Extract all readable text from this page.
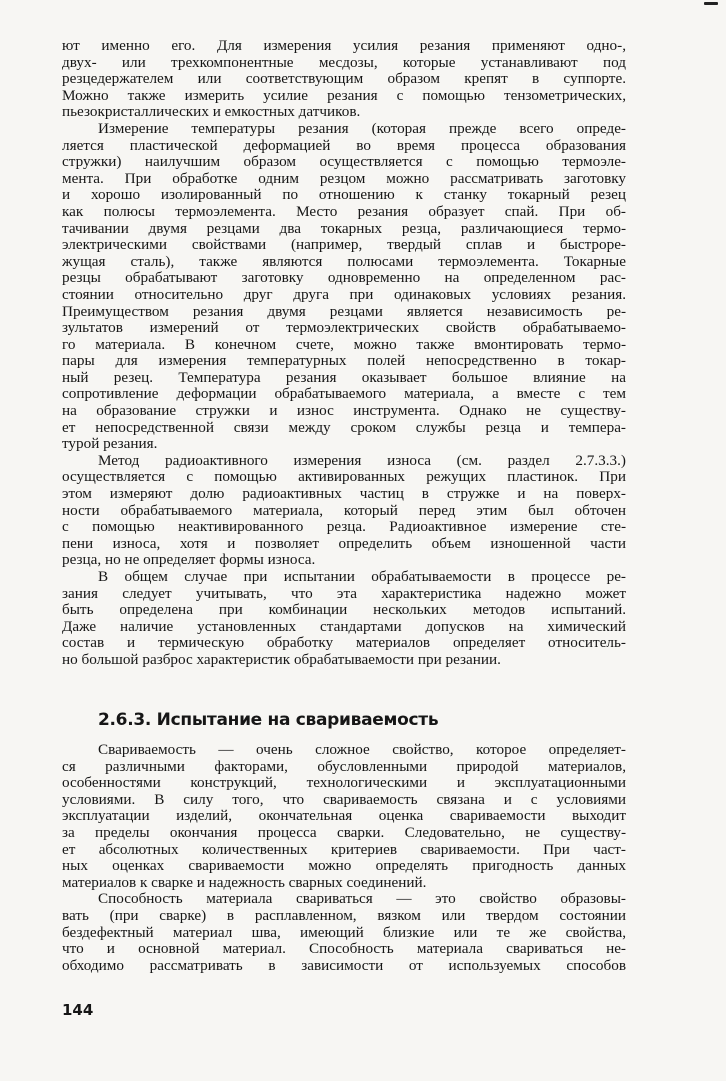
ют именно его. Для измерения усилия резания применяют одно-,
двух- или трехкомпонентные месдозы, которые устанавливают под
резцедержателем или соответствующим образом крепят в суппорте.
Можно также измерить усилие резания с помощью тензометрических,
пьезокристаллических и емкостных датчиков.
Измерение температуры резания (которая прежде всего опреде-
ляется пластической деформацией во время процесса образования
стружки) наилучшим образом осуществляется с помощью термоэле-
мента. При обработке одним резцом можно рассматривать заготовку
и хорошо изолированный по отношению к станку токарный резец
как полюсы термоэлемента. Место резания образует спай. При об-
тачивании двумя резцами два токарных резца, различающиеся термо-
электрическими свойствами (например, твердый сплав и быстроре-
жущая сталь), также являются полюсами термоэлемента. Токарные
резцы обрабатывают заготовку одновременно на определенном рас-
стоянии относительно друг друга при одинаковых условиях резания.
Преимуществом резания двумя резцами является независимость ре-
зультатов измерений от термоэлектрических свойств обрабатываемо-
го материала. В конечном счете, можно также вмонтировать термо-
пары для измерения температурных полей непосредственно в токар-
ный резец. Температура резания оказывает большое влияние на
сопротивление деформации обрабатываемого материала, а вместе с тем
на образование стружки и износ инструмента. Однако не существу-
ет непосредственной связи между сроком службы резца и темпера-
турой резания.
Метод радиоактивного измерения износа (см. раздел 2.7.3.3.)
осуществляется с помощью активированных режущих пластинок. При
этом измеряют долю радиоактивных частиц в стружке и на поверх-
ности обрабатываемого материала, который перед этим был обточен
с помощью неактивированного резца. Радиоактивное измерение сте-
пени износа, хотя и позволяет определить объем изношенной части
резца, но не определяет формы износа.
В общем случае при испытании обрабатываемости в процессе ре-
зания следует учитывать, что эта характеристика надежно может
быть определена при комбинации нескольких методов испытаний.
Даже наличие установленных стандартами допусков на химический
состав и термическую обработку материалов определяет относитель-
но большой разброс характеристик обрабатываемости при резании.
2.6.3. Испытание на свариваемость
Свариваемость — очень сложное свойство, которое определяет-
ся различными факторами, обусловленными природой материалов,
особенностями конструкций, технологическими и эксплуатационными
условиями. В силу того, что свариваемость связана и с условиями
эксплуатации изделий, окончательная оценка свариваемости выходит
за пределы окончания процесса сварки. Следовательно, не существу-
ет абсолютных количественных критериев свариваемости. При част-
ных оценках свариваемости можно определять пригодность данных
материалов к сварке и надежность сварных соединений.
Способность материала свариваться — это свойство образовы-
вать (при сварке) в расплавленном, вязком или твердом состоянии
бездефектный материал шва, имеющий близкие или те же свойства,
что и основной материал. Способность материала свариваться не-
обходимо рассматривать в зависимости от используемых способов
144
